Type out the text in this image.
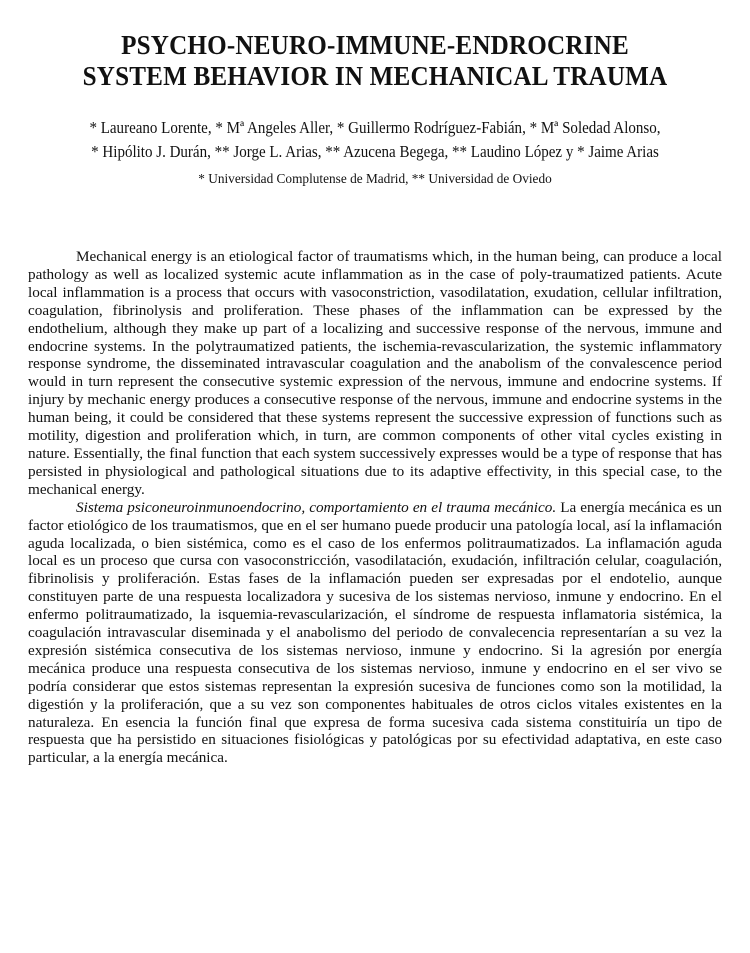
PSYCHO-NEURO-IMMUNE-ENDROCRINE
SYSTEM BEHAVIOR IN MECHANICAL TRAUMA
* Laureano Lorente, * Mª Angeles Aller, * Guillermo Rodríguez-Fabián, * Mª Soledad Alonso,
* Hipólito J. Durán, ** Jorge L. Arias, ** Azucena Begega, ** Laudino López y * Jaime Arias
* Universidad Complutense de Madrid, ** Universidad de Oviedo

Mechanical energy is an etiological factor of traumatisms which, in the human being, can produce a local pathology as well as localized systemic acute inflammation as in the case of poly-traumatized patients. Acute local inflammation is a process that occurs with vasoconstriction, vasodilatation, exudation, cellular infiltration, coagulation, fibrinolysis and proliferation. These phases of the inflammation can be expressed by the endothelium, although they make up part of a localizing and successive response of the nervous, immune and endocrine systems. In the polytraumatized patients, the ischemia-revascularization, the systemic inflammatory response syndrome, the disseminated intravascular coagulation and the anabolism of the convalescence period would in turn represent the consecutive systemic expression of the nervous, immune and endocrine systems. If injury by mechanic energy produces a consecutive response of the nervous, immune and endocrine systems in the human being, it could be considered that these systems represent the successive expression of functions such as motility, digestion and proliferation which, in turn, are common components of other vital cycles existing in nature. Essentially, the final function that each system successively expresses would be a type of response that has persisted in physiological and pathological situations due to its adaptive effectivity, in this special case, to the mechanical energy.

Sistema psiconeuroinmunoendocrino, comportamiento en el trauma mecánico. La energía mecánica es un factor etiológico de los traumatismos, que en el ser humano puede producir una patología local, así la inflamación aguda localizada, o bien sistémica, como es el caso de los enfermos politraumatizados. La inflamación aguda local es un proceso que cursa con vasoconstricción, vasodilatación, exudación, infiltración celular, coagulación, fibrinolisis y proliferación. Estas fases de la inflamación pueden ser expresadas por el endotelio, aunque constituyen parte de una respuesta localizadora y sucesiva de los sistemas nervioso, inmune y endocrino. En el enfermo politraumatizado, la isquemia-revascularización, el síndrome de respuesta inflamatoria sistémica, la coagulación intravascular diseminada y el anabolismo del periodo de convalecencia representarían a su vez la expresión sistémica consecutiva de los sistemas nervioso, inmune y endocrino. Si la agresión por energía mecánica produce una respuesta consecutiva de los sistemas nervioso, inmune y endocrino en el ser vivo se podría considerar que estos sistemas representan la expresión sucesiva de funciones como son la motilidad, la digestión y la proliferación, que a su vez son componentes habituales de otros ciclos vitales existentes en la naturaleza. En esencia la función final que expresa de forma sucesiva cada sistema constituiría un tipo de respuesta que ha persistido en situaciones fisiológicas y patológicas por su efectividad adaptativa, en este caso particular, a la energía mecánica.
